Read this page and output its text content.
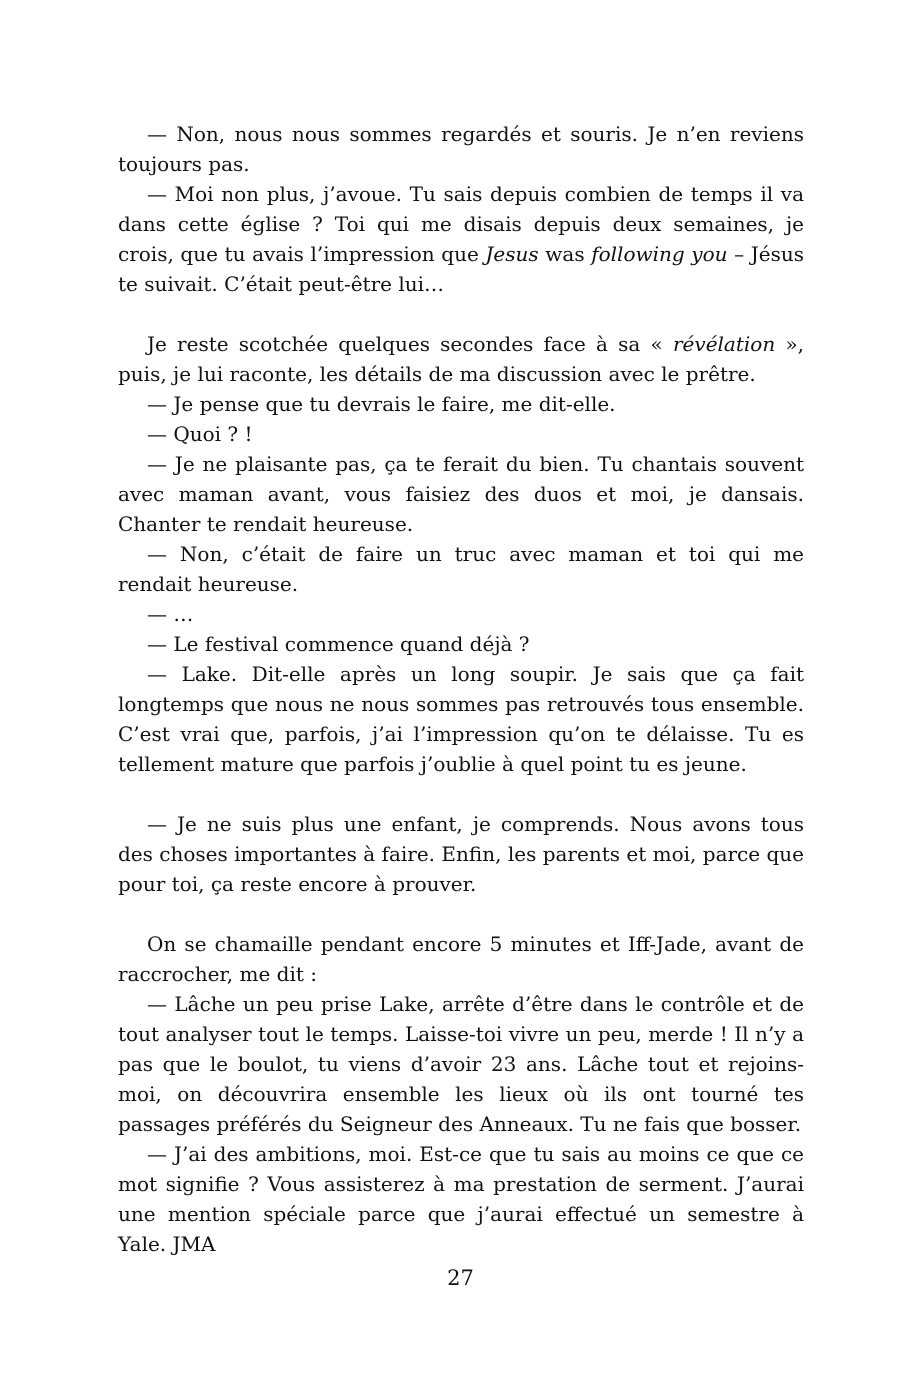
— Non, nous nous sommes regardés et souris. Je n’en reviens toujours pas.

— Moi non plus, j’avoue. Tu sais depuis combien de temps il va dans cette église ? Toi qui me disais depuis deux semaines, je crois, que tu avais l’impression que Jesus was following you – Jésus te suivait. C’était peut-être lui…

Je reste scotchée quelques secondes face à sa « révélation », puis, je lui raconte, les détails de ma discussion avec le prêtre.

— Je pense que tu devrais le faire, me dit-elle.

— Quoi ? !

— Je ne plaisante pas, ça te ferait du bien. Tu chantais souvent avec maman avant, vous faisiez des duos et moi, je dansais. Chanter te rendait heureuse.

— Non, c’était de faire un truc avec maman et toi qui me rendait heureuse.

— …

— Le festival commence quand déjà ?

— Lake. Dit-elle après un long soupir. Je sais que ça fait longtemps que nous ne nous sommes pas retrouvés tous ensemble. C’est vrai que, parfois, j’ai l’impression qu’on te délaisse. Tu es tellement mature que parfois j’oublie à quel point tu es jeune.

— Je ne suis plus une enfant, je comprends. Nous avons tous des choses importantes à faire. Enfin, les parents et moi, parce que pour toi, ça reste encore à prouver.

On se chamaille pendant encore 5 minutes et Iff-Jade, avant de raccrocher, me dit :

— Lâche un peu prise Lake, arrête d’être dans le contrôle et de tout analyser tout le temps. Laisse-toi vivre un peu, merde ! Il n’y a pas que le boulot, tu viens d’avoir 23 ans. Lâche tout et rejoins-moi, on découvrira ensemble les lieux où ils ont tourné tes passages préférés du Seigneur des Anneaux. Tu ne fais que bosser.

— J’ai des ambitions, moi. Est-ce que tu sais au moins ce que ce mot signifie ? Vous assisterez à ma prestation de serment. J’aurai une mention spéciale parce que j’aurai effectué un semestre à Yale. JMA

27
